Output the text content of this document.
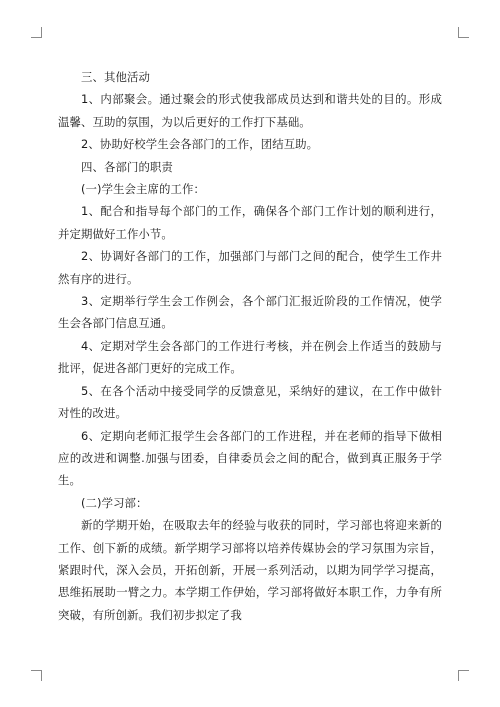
三、其他活动

1、内部聚会。通过聚会的形式使我部成员达到和谐共处的目的。形成温馨、互助的氛围，为以后更好的工作打下基础。

2、协助好校学生会各部门的工作，团结互助。

四、各部门的职责

(一)学生会主席的工作：

1、配合和指导每个部门的工作，确保各个部门工作计划的顺利进行，并定期做好工作小节。

2、协调好各部门的工作，加强部门与部门之间的配合，使学生工作井然有序的进行。

3、定期举行学生会工作例会，各个部门汇报近阶段的工作情况，使学生会各部门信息互通。

4、定期对学生会各部门的工作进行考核，并在例会上作适当的鼓励与批评，促进各部门更好的完成工作。

5、在各个活动中接受同学的反馈意见，采纳好的建议，在工作中做针对性的改进。

6、定期向老师汇报学生会各部门的工作进程，并在老师的指导下做相应的改进和调整.加强与团委，自律委员会之间的配合，做到真正服务于学生。

(二)学习部：

新的学期开始，在吸取去年的经验与收获的同时，学习部也将迎来新的工作、创下新的成绩。新学期学习部将以培养传媒协会的学习氛围为宗旨，紧跟时代，深入会员，开拓创新，开展一系列活动，以期为同学学习提高，思维拓展助一臂之力。本学期工作伊始，学习部将做好本职工作，力争有所突破，有所创新。我们初步拟定了我
